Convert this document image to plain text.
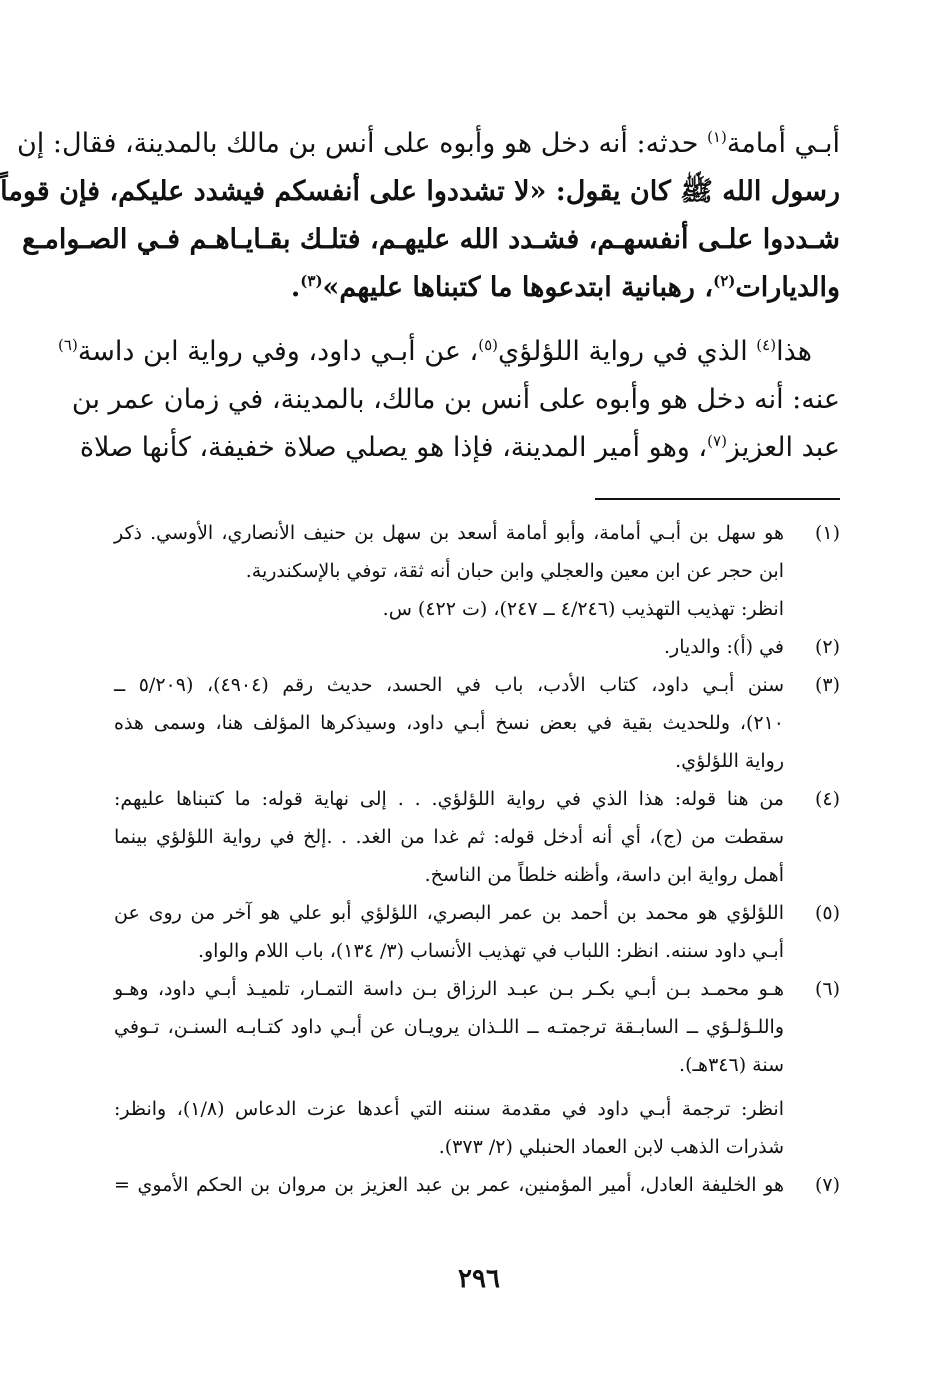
أبـي أمامة$^{(١)}$ حدثه: أنه دخل هو وأبوه على أنس بن مالك بالمدينة، فقال: إن

رسول الله ﷺ كان يقول: «لا تشددوا على أنفسكم فيشدد عليكم، فإن قوماً

شـددوا علـى أنفسهـم، فشـدد الله عليهـم، فتلـك بقـايـاهـم فـي الصـوامـع

والديارات$^{(٢)}$، رهبانية ابتدعوها ما كتبناها عليهم»$^{(٣)}$.

هذا$^{(٤)}$ الذي في رواية اللؤلؤي$^{(٥)}$، عن أبـي داود، وفي رواية ابن داسة$^{(٦)}$

عنه: أنه دخل هو وأبوه على أنس بن مالك، بالمدينة، في زمان عمر بن

عبد العزيز$^{(٧)}$، وهو أمير المدينة، فإذا هو يصلي صلاة خفيفة، كأنها صلاة

(١)
هو سهل بن أبـي أمامة، وأبو أمامة أسعد بن سهل بن حنيف الأنصاري، الأوسي. ذكر
ابن حجر عن ابن معين والعجلي وابن حبان أنه ثقة، توفي بالإسكندرية.
انظر: تهذيب التهذيب (٤/٢٤٦ ــ ٢٤٧)، (ت ٤٢٢) س.
(٢)
في (أ): والديار.
(٣)
سنن أبـي داود، كتاب الأدب، باب في الحسد، حديث رقم (٤٩٠٤)، (٥/٢٠٩ ــ
٢١٠)، وللحديث بقية في بعض نسخ أبـي داود، وسيذكرها المؤلف هنا، وسمى هذه
رواية اللؤلؤي.
(٤)
من هنا قوله: هذا الذي في رواية اللؤلؤي. . . إلى نهاية قوله: ما كتبناها عليهم:
سقطت من (ج)، أي أنه أدخل قوله: ثم غدا من الغد. . .إلخ في رواية اللؤلؤي بينما
أهمل رواية ابن داسة، وأظنه خلطاً من الناسخ.
(٥)
اللؤلؤي هو محمد بن أحمد بن عمر البصري، اللؤلؤي أبو علي هو آخر من روى عن
أبـي داود سننه. انظر: اللباب في تهذيب الأنساب (٣/ ١٣٤)، باب اللام والواو.
(٦)
هـو محمـد بـن أبـي بكـر بـن عبـد الرزاق بـن داسة التمـار، تلميـذ أبـي داود، وهـو
واللـؤلـؤي ــ السابـقة ترجمتـه ــ اللـذان يرويـان عن أبـي داود كتـابـه السنـن، تـوفي
سنة (٣٤٦هـ).
انظر: ترجمة أبـي داود في مقدمة سننه التي أعدها عزت الدعاس (١/٨)، وانظر:
شذرات الذهب لابن العماد الحنبلي (٢/ ٣٧٣).
(٧)
هو الخليفة العادل، أمير المؤمنين، عمر بن عبد العزيز بن مروان بن الحكم الأموي =
٢٩٦
